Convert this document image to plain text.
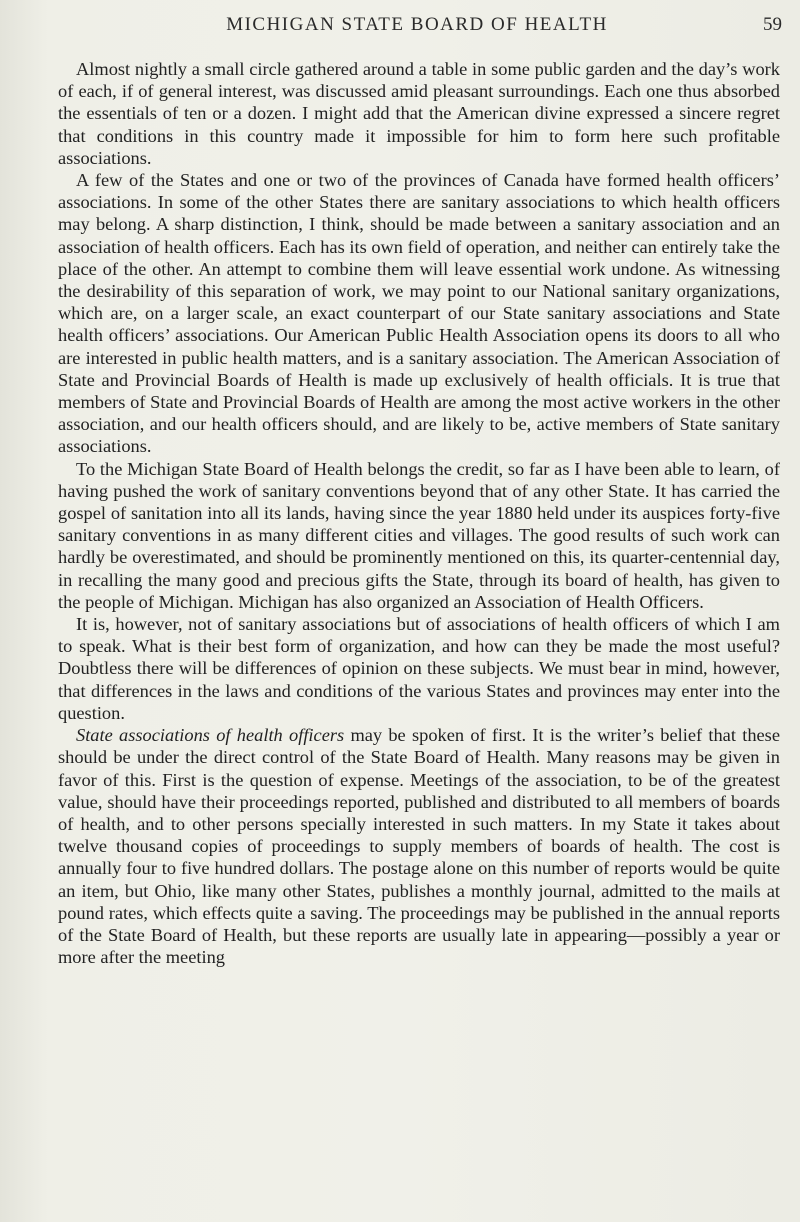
MICHIGAN STATE BOARD OF HEALTH	59

Almost nightly a small circle gathered around a table in some public garden and the day’s work of each, if of general interest, was discussed amid pleasant surroundings. Each one thus absorbed the essentials of ten or a dozen. I might add that the American divine expressed a sincere regret that conditions in this country made it impossible for him to form here such profitable associations.

A few of the States and one or two of the provinces of Canada have formed health officers’ associations. In some of the other States there are sanitary associations to which health officers may belong. A sharp distinction, I think, should be made between a sanitary association and an association of health officers. Each has its own field of operation, and neither can entirely take the place of the other. An attempt to combine them will leave essential work undone. As witnessing the desirability of this separation of work, we may point to our National sanitary organizations, which are, on a larger scale, an exact counterpart of our State sanitary associations and State health officers’ associations. Our American Public Health Association opens its doors to all who are interested in public health matters, and is a sanitary association. The American Association of State and Provincial Boards of Health is made up exclusively of health officials. It is true that members of State and Provincial Boards of Health are among the most active workers in the other association, and our health officers should, and are likely to be, active members of State sanitary associations.

To the Michigan State Board of Health belongs the credit, so far as I have been able to learn, of having pushed the work of sanitary conventions beyond that of any other State. It has carried the gospel of sanitation into all its lands, having since the year 1880 held under its auspices forty-five sanitary conventions in as many different cities and villages. The good results of such work can hardly be overestimated, and should be prominently mentioned on this, its quarter-centennial day, in recalling the many good and precious gifts the State, through its board of health, has given to the people of Michigan. Michigan has also organized an Association of Health Officers.

It is, however, not of sanitary associations but of associations of health officers of which I am to speak. What is their best form of organization, and how can they be made the most useful? Doubtless there will be differences of opinion on these subjects. We must bear in mind, however, that differences in the laws and conditions of the various States and provinces may enter into the question.

State associations of health officers may be spoken of first. It is the writer’s belief that these should be under the direct control of the State Board of Health. Many reasons may be given in favor of this. First is the question of expense. Meetings of the association, to be of the greatest value, should have their proceedings reported, published and distributed to all members of boards of health, and to other persons specially interested in such matters. In my State it takes about twelve thousand copies of proceedings to supply members of boards of health. The cost is annually four to five hundred dollars. The postage alone on this number of reports would be quite an item, but Ohio, like many other States, publishes a monthly journal, admitted to the mails at pound rates, which effects quite a saving. The proceedings may be published in the annual reports of the State Board of Health, but these reports are usually late in appearing—possibly a year or more after the meeting
